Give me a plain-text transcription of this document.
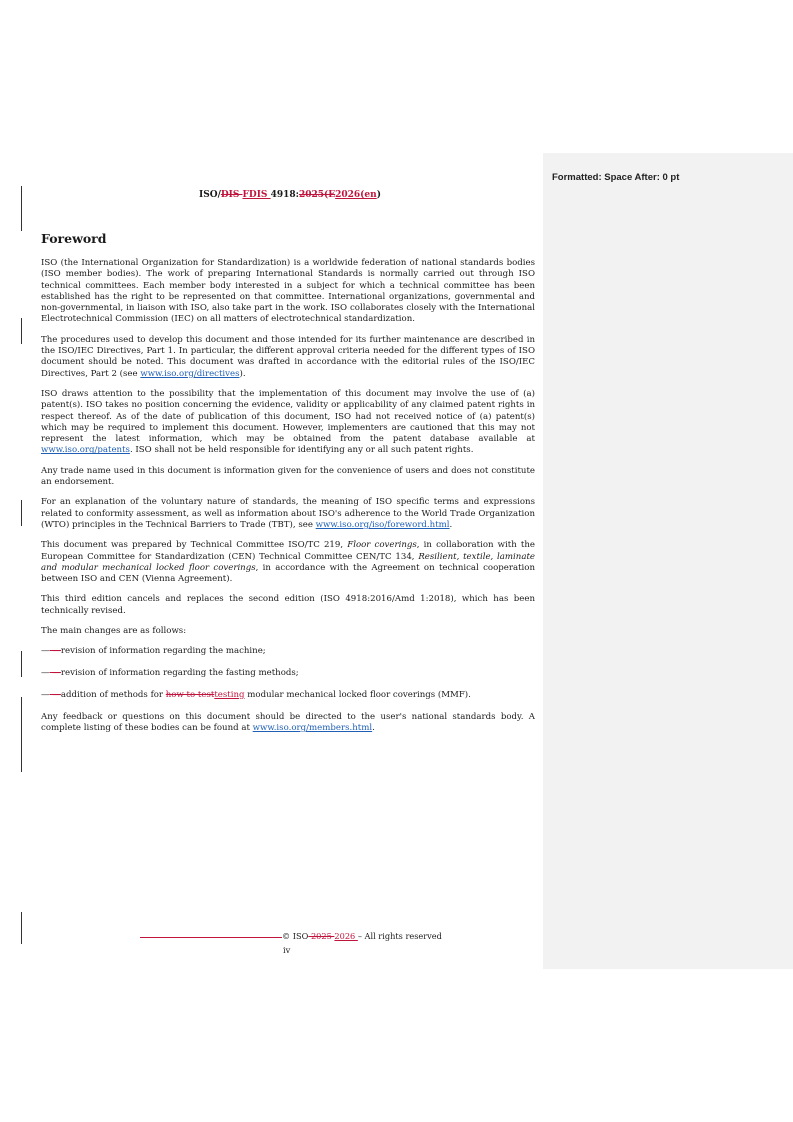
Formatted: Space After: 0 pt
ISO/DIS FDIS 4918:2025(E2026(en)
Foreword

ISO (the International Organization for Standardization) is a worldwide federation of national standards bodies (ISO member bodies). The work of preparing International Standards is normally carried out through ISO technical committees. Each member body interested in a subject for which a technical committee has been established has the right to be represented on that committee. International organizations, governmental and non-governmental, in liaison with ISO, also take part in the work. ISO collaborates closely with the International Electrotechnical Commission (IEC) on all matters of electrotechnical standardization.

The procedures used to develop this document and those intended for its further maintenance are described in the ISO/IEC Directives, Part 1. In particular, the different approval criteria needed for the different types of ISO document should be noted. This document was drafted in accordance with the editorial rules of the ISO/IEC Directives, Part 2 (see www.iso.org/directives).

ISO draws attention to the possibility that the implementation of this document may involve the use of (a) patent(s). ISO takes no position concerning the evidence, validity or applicability of any claimed patent rights in respect thereof. As of the date of publication of this document, ISO had not received notice of (a) patent(s) which may be required to implement this document. However, implementers are cautioned that this may not represent the latest information, which may be obtained from the patent database available at www.iso.org/patents. ISO shall not be held responsible for identifying any or all such patent rights.

Any trade name used in this document is information given for the convenience of users and does not constitute an endorsement.

For an explanation of the voluntary nature of standards, the meaning of ISO specific terms and expressions related to conformity assessment, as well as information about ISO's adherence to the World Trade Organization (WTO) principles in the Technical Barriers to Trade (TBT), see www.iso.org/iso/foreword.html.

This document was prepared by Technical Committee ISO/TC 219, Floor coverings, in collaboration with the European Committee for Standardization (CEN) Technical Committee CEN/TC 134, Resilient, textile, laminate and modular mechanical locked floor coverings, in accordance with the Agreement on technical cooperation between ISO and CEN (Vienna Agreement).

This third edition cancels and replaces the second edition (ISO 4918:2016/Amd 1:2018), which has been technically revised.

The main changes are as follows:

— —revision of information regarding the machine;
— —revision of information regarding the fasting methods;
— —addition of methods for how to testtesting modular mechanical locked floor coverings (MMF).

Any feedback or questions on this document should be directed to the user's national standards body. A complete listing of these bodies can be found at www.iso.org/members.html.

© ISO 2025 2026 – All rights reserved
iv
